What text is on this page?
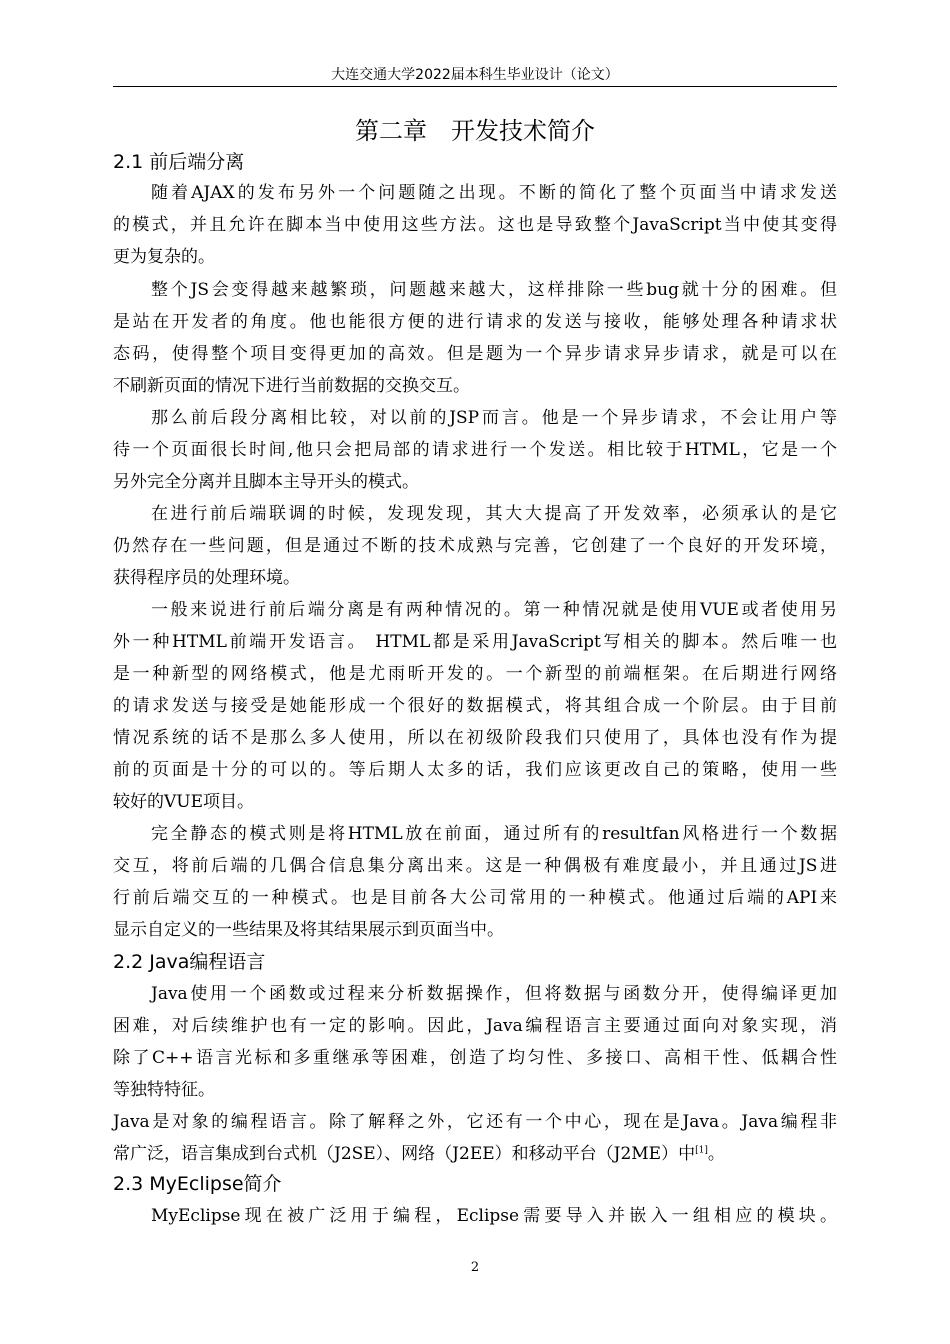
大连交通大学2022届本科生毕业设计（论文）
第二章　开发技术简介
2.1 前后端分离
随着AJAX的发布另外一个问题随之出现。不断的简化了整个页面当中请求发送
的模式，并且允许在脚本当中使用这些方法。这也是导致整个JavaScript当中使其变得
更为复杂的。
整个JS会变得越来越繁琐，问题越来越大，这样排除一些bug就十分的困难。但
是站在开发者的角度。他也能很方便的进行请求的发送与接收，能够处理各种请求状
态码，使得整个项目变得更加的高效。但是题为一个异步请求异步请求，就是可以在
不刷新页面的情况下进行当前数据的交换交互。
那么前后段分离相比较，对以前的JSP而言。他是一个异步请求，不会让用户等
待一个页面很长时间,他只会把局部的请求进行一个发送。相比较于HTML，它是一个
另外完全分离并且脚本主导开头的模式。
在进行前后端联调的时候，发现发现，其大大提高了开发效率，必须承认的是它
仍然存在一些问题，但是通过不断的技术成熟与完善，它创建了一个良好的开发环境，
获得程序员的处理环境。
一般来说进行前后端分离是有两种情况的。第一种情况就是使用VUE或者使用另
外一种HTML前端开发语言。 HTML都是采用JavaScript写相关的脚本。然后唯一也
是一种新型的网络模式，他是尤雨昕开发的。一个新型的前端框架。在后期进行网络
的请求发送与接受是她能形成一个很好的数据模式，将其组合成一个阶层。由于目前
情况系统的话不是那么多人使用，所以在初级阶段我们只使用了，具体也没有作为提
前的页面是十分的可以的。等后期人太多的话，我们应该更改自己的策略，使用一些
较好的VUE项目。
完全静态的模式则是将HTML放在前面，通过所有的resultfan风格进行一个数据
交互，将前后端的几偶合信息集分离出来。这是一种偶极有难度最小，并且通过JS进
行前后端交互的一种模式。也是目前各大公司常用的一种模式。他通过后端的API来
显示自定义的一些结果及将其结果展示到页面当中。
2.2 Java编程语言
Java使用一个函数或过程来分析数据操作，但将数据与函数分开，使得编译更加
困难，对后续维护也有一定的影响。因此，Java编程语言主要通过面向对象实现，消
除了C++语言光标和多重继承等困难，创造了均匀性、多接口、高相干性、低耦合性
等独特特征。
Java是对象的编程语言。除了解释之外，它还有一个中心，现在是Java。Java编程非
常广泛，语言集成到台式机（J2SE）、网络（J2EE）和移动平台（J2ME）中[1]。
2.3 MyEclipse简介
MyEclipse现在被广泛用于编程，Eclipse需要导入并嵌入一组相应的模块。
2
